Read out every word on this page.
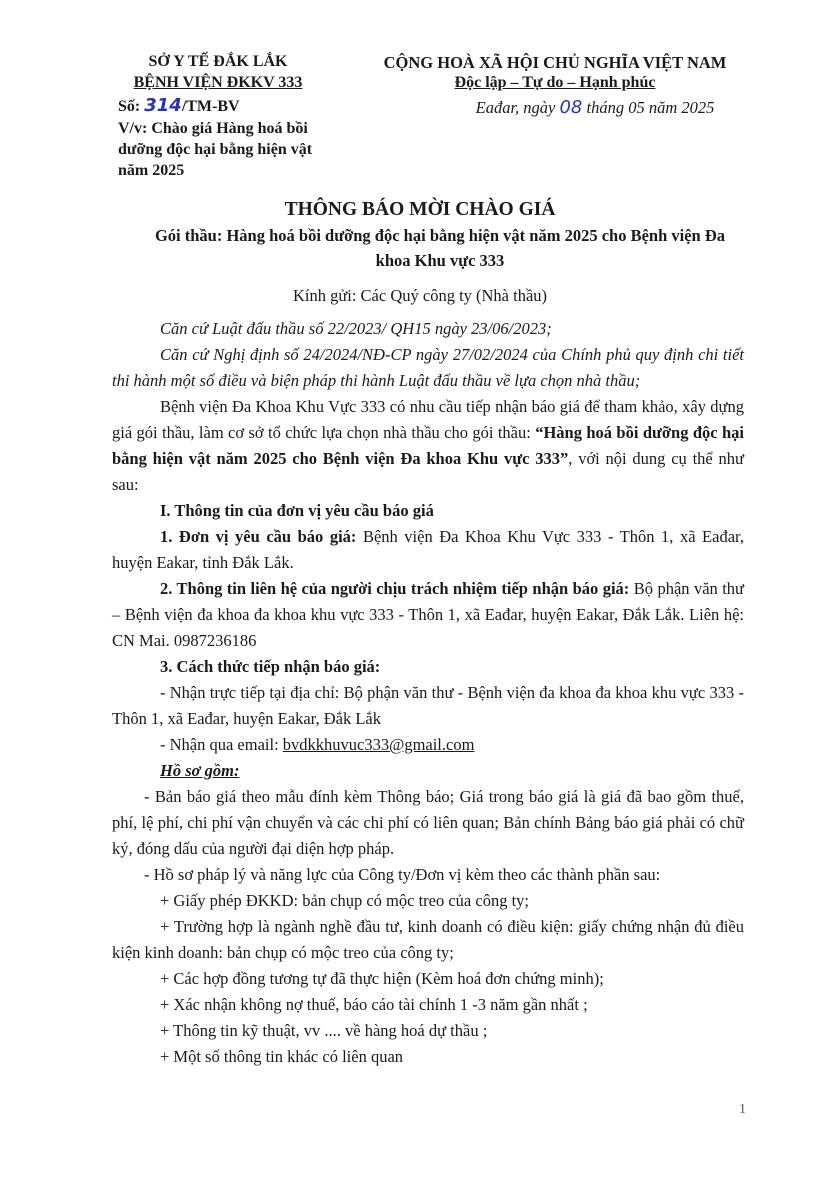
SỞ Y TẾ ĐẮK LẮK
BỆNH VIỆN ĐKKV 333
Số: 314/TM-BV
V/v: Chào giá Hàng hoá bồi dưỡng độc hại bằng hiện vật năm 2025
CỘNG HOÀ XÃ HỘI CHỦ NGHĨA VIỆT NAM
Độc lập – Tự do – Hạnh phúc
Eađar, ngày 08 tháng 05 năm 2025
THÔNG BÁO MỜI CHÀO GIÁ
Gói thầu: Hàng hoá bồi dưỡng độc hại bằng hiện vật năm 2025 cho Bệnh viện Đa khoa Khu vực 333
Kính gửi: Các Quý công ty (Nhà thầu)

Căn cứ Luật đấu thầu số 22/2023/ QH15 ngày 23/06/2023;

Căn cứ Nghị định số 24/2024/NĐ-CP ngày 27/02/2024 của Chính phủ quy định chi tiết thi hành một số điều và biện pháp thi hành Luật đấu thầu về lựa chọn nhà thầu;

Bệnh viện Đa Khoa Khu Vực 333 có nhu cầu tiếp nhận báo giá để tham khảo, xây dựng giá gói thầu, làm cơ sở tổ chức lựa chọn nhà thầu cho gói thầu: “Hàng hoá bồi dưỡng độc hại bằng hiện vật năm 2025 cho Bệnh viện Đa khoa Khu vực 333”, với nội dung cụ thể như sau:

I. Thông tin của đơn vị yêu cầu báo giá

1. Đơn vị yêu cầu báo giá: Bệnh viện Đa Khoa Khu Vực 333 - Thôn 1, xã Eađar, huyện Eakar, tỉnh Đắk Lắk.

2. Thông tin liên hệ của người chịu trách nhiệm tiếp nhận báo giá: Bộ phận văn thư – Bệnh viện đa khoa đa khoa khu vực 333 - Thôn 1, xã Eađar, huyện Eakar, Đắk Lắk. Liên hệ: CN Mai. 0987236186

3. Cách thức tiếp nhận báo giá:

- Nhận trực tiếp tại địa chỉ: Bộ phận văn thư - Bệnh viện đa khoa đa khoa khu vực 333 - Thôn 1, xã Eađar, huyện Eakar, Đắk Lắk

- Nhận qua email: bvdkkhuvuc333@gmail.com

Hồ sơ gồm:

- Bản báo giá theo mẫu đính kèm Thông báo; Giá trong báo giá là giá đã bao gồm thuế, phí, lệ phí, chi phí vận chuyển và các chi phí có liên quan; Bản chính Bảng báo giá phải có chữ ký, đóng dấu của người đại diện hợp pháp.

- Hồ sơ pháp lý và năng lực của Công ty/Đơn vị kèm theo các thành phần sau:

+ Giấy phép ĐKKD: bản chụp có mộc treo của công ty;

+ Trường hợp là ngành nghề đầu tư, kinh doanh có điều kiện: giấy chứng nhận đủ điều kiện kinh doanh: bản chụp có mộc treo của công ty;

+ Các hợp đồng tương tự đã thực hiện (Kèm hoá đơn chứng minh);

+ Xác nhận không nợ thuế, báo cáo tài chính 1 -3 năm gần nhất ;

+ Thông tin kỹ thuật, vv .... về hàng hoá dự thầu ;

+ Một số thông tin khác có liên quan

1
